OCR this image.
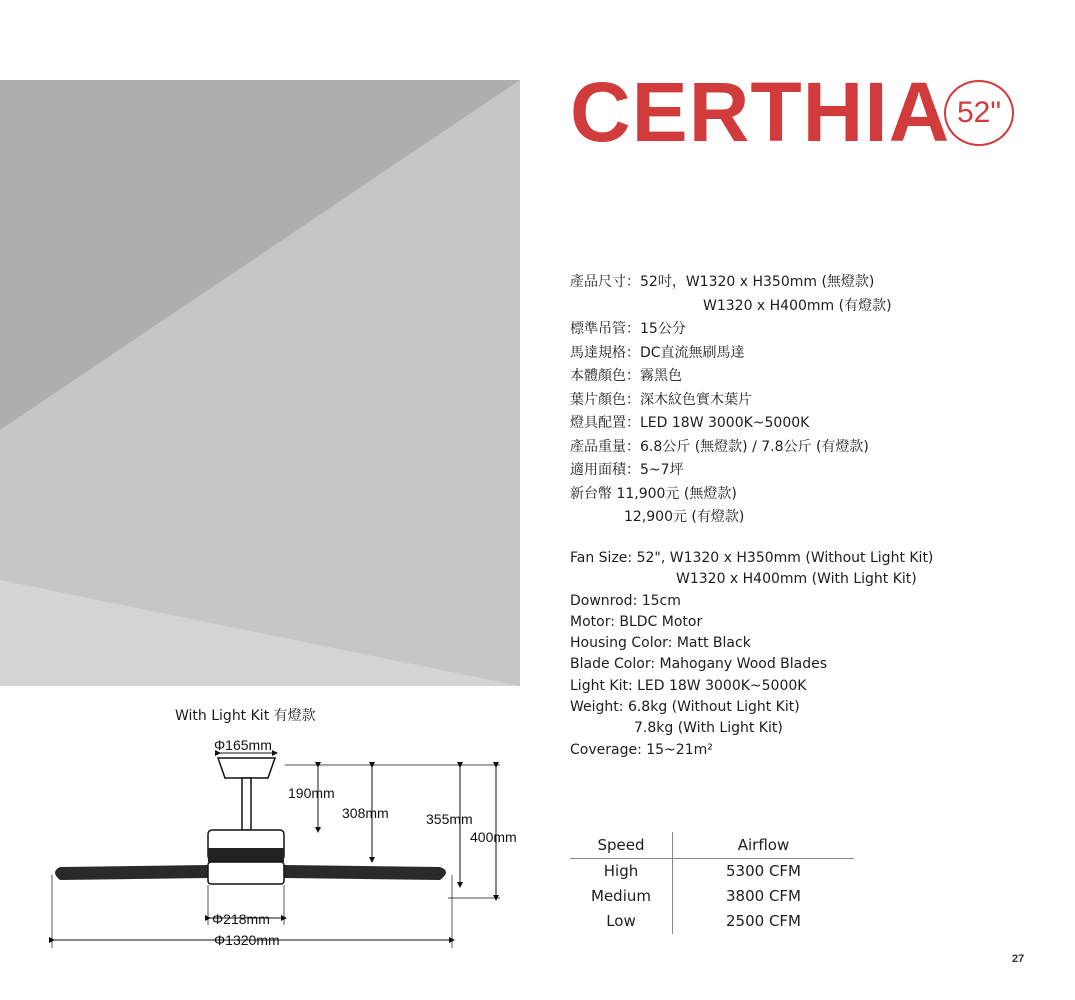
CERTHIA 52"
產品尺寸：52吋，W1320 x H350mm (無燈款)
W1320 x H400mm (有燈款)
標準吊管：15公分
馬達規格：DC直流無刷馬達
本體顏色：霧黑色
葉片顏色：深木紋色實木葉片
燈具配置：LED 18W 3000K~5000K
產品重量：6.8公斤 (無燈款) / 7.8公斤 (有燈款)
適用面積：5~7坪
新台幣 11,900元 (無燈款)
12,900元 (有燈款)
Fan Size: 52", W1320 x H350mm (Without Light Kit)
W1320 x H400mm (With Light Kit)
Downrod: 15cm
Motor: BLDC Motor
Housing Color: Matt Black
Blade Color: Mahogany Wood Blades
Light Kit: LED 18W 3000K~5000K
Weight: 6.8kg (Without Light Kit)
7.8kg (With Light Kit)
Coverage: 15~21m²
Speed	Airflow
High	5300 CFM
Medium	3800 CFM
Low	2500 CFM
With Light Kit 有燈款
Φ165mm
190mm
308mm	355mm
400mm
Φ218mm
Φ1320mm
27
